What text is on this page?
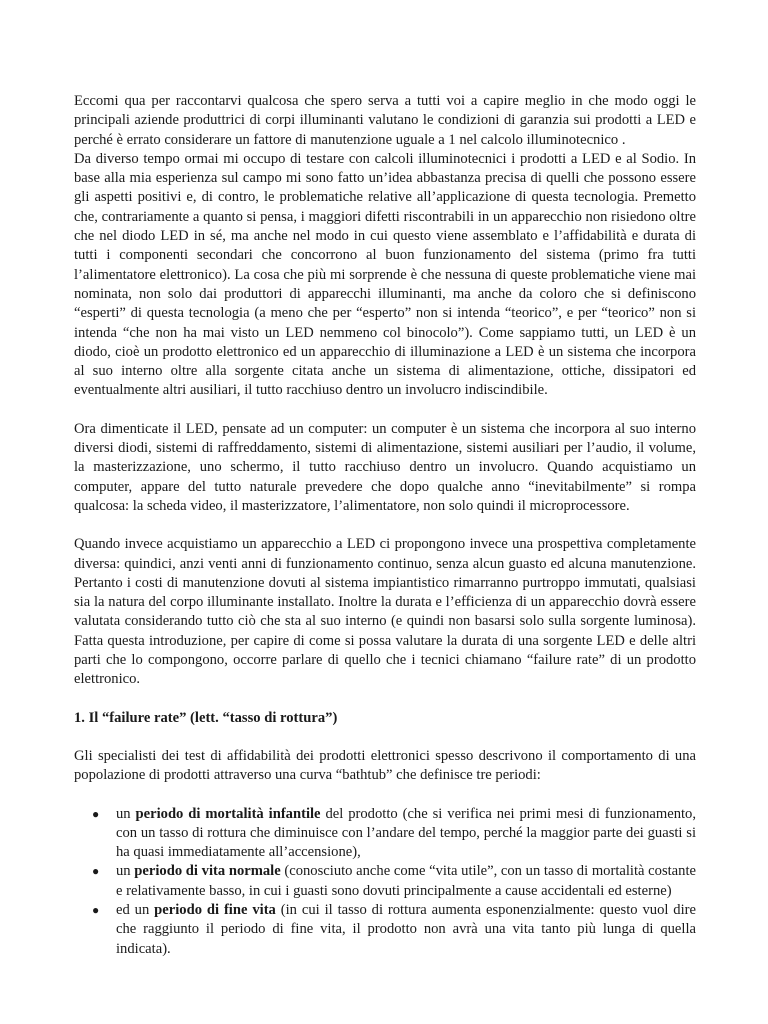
Eccomi qua per raccontarvi qualcosa che spero serva a tutti voi a capire meglio in che modo oggi le principali aziende produttrici di corpi illuminanti valutano le condizioni di garanzia sui prodotti a LED e perché è errato considerare un fattore di manutenzione uguale a 1 nel calcolo illuminotecnico .

Da diverso tempo ormai mi occupo di testare con calcoli illuminotecnici i prodotti a LED e al Sodio. In base alla mia esperienza sul campo mi sono fatto un’idea abbastanza precisa di quelli che possono essere gli aspetti positivi e, di contro, le problematiche relative all’applicazione di questa tecnologia. Premetto che, contrariamente a quanto si pensa, i maggiori difetti riscontrabili in un apparecchio non risiedono oltre che nel diodo LED in sé, ma anche nel modo in cui questo viene assemblato e l’affidabilità e durata di tutti i componenti secondari che concorrono al buon funzionamento del sistema (primo fra tutti l’alimentatore elettronico). La cosa che più mi sorprende è che nessuna di queste problematiche viene mai nominata, non solo dai produttori di apparecchi illuminanti, ma anche da coloro che si definiscono “esperti” di questa tecnologia (a meno che per “esperto” non si intenda “teorico”, e per “teorico” non si intenda “che non ha mai visto un LED nemmeno col binocolo”). Come sappiamo tutti, un LED è un diodo, cioè un prodotto elettronico ed un apparecchio di illuminazione a LED è un sistema che incorpora al suo interno oltre alla sorgente citata anche un sistema di alimentazione, ottiche, dissipatori ed eventualmente altri ausiliari, il tutto racchiuso dentro un involucro indiscindibile.

Ora dimenticate il LED, pensate ad un computer: un computer è un sistema che incorpora al suo interno diversi diodi, sistemi di raffreddamento, sistemi di alimentazione, sistemi ausiliari per l’audio, il volume, la masterizzazione, uno schermo, il tutto racchiuso dentro un involucro. Quando acquistiamo un computer, appare del tutto naturale prevedere che dopo qualche anno “inevitabilmente” si rompa qualcosa: la scheda video, il masterizzatore, l’alimentatore, non solo quindi il microprocessore.

Quando invece acquistiamo un apparecchio a LED ci propongono invece una prospettiva completamente diversa: quindici, anzi venti anni di funzionamento continuo, senza alcun guasto ed alcuna manutenzione. Pertanto i costi di manutenzione dovuti al sistema impiantistico rimarranno purtroppo immutati, qualsiasi sia la natura del corpo illuminante installato. Inoltre la durata e l’efficienza di un apparecchio dovrà essere valutata considerando tutto ciò che sta al suo interno (e quindi non basarsi solo sulla sorgente luminosa). Fatta questa introduzione, per capire di come si possa valutare la durata di una sorgente LED e delle altri parti che lo compongono, occorre parlare di quello che i tecnici chiamano “failure rate” di un prodotto elettronico.

1. Il “failure rate” (lett. “tasso di rottura”)

Gli specialisti dei test di affidabilità dei prodotti elettronici spesso descrivono il comportamento di una popolazione di prodotti attraverso una curva “bathtub” che definisce tre periodi:

● un periodo di mortalità infantile del prodotto (che si verifica nei primi mesi di funzionamento, con un tasso di rottura che diminuisce con l’andare del tempo, perché la maggior parte dei guasti si ha quasi immediatamente all’accensione),
● un periodo di vita normale (conosciuto anche come “vita utile”, con un tasso di mortalità costante e relativamente basso, in cui i guasti sono dovuti principalmente a cause accidentali ed esterne)
● ed un periodo di fine vita (in cui il tasso di rottura aumenta esponenzialmente: questo vuol dire che raggiunto il periodo di fine vita, il prodotto non avrà una vita tanto più lunga di quella indicata).
